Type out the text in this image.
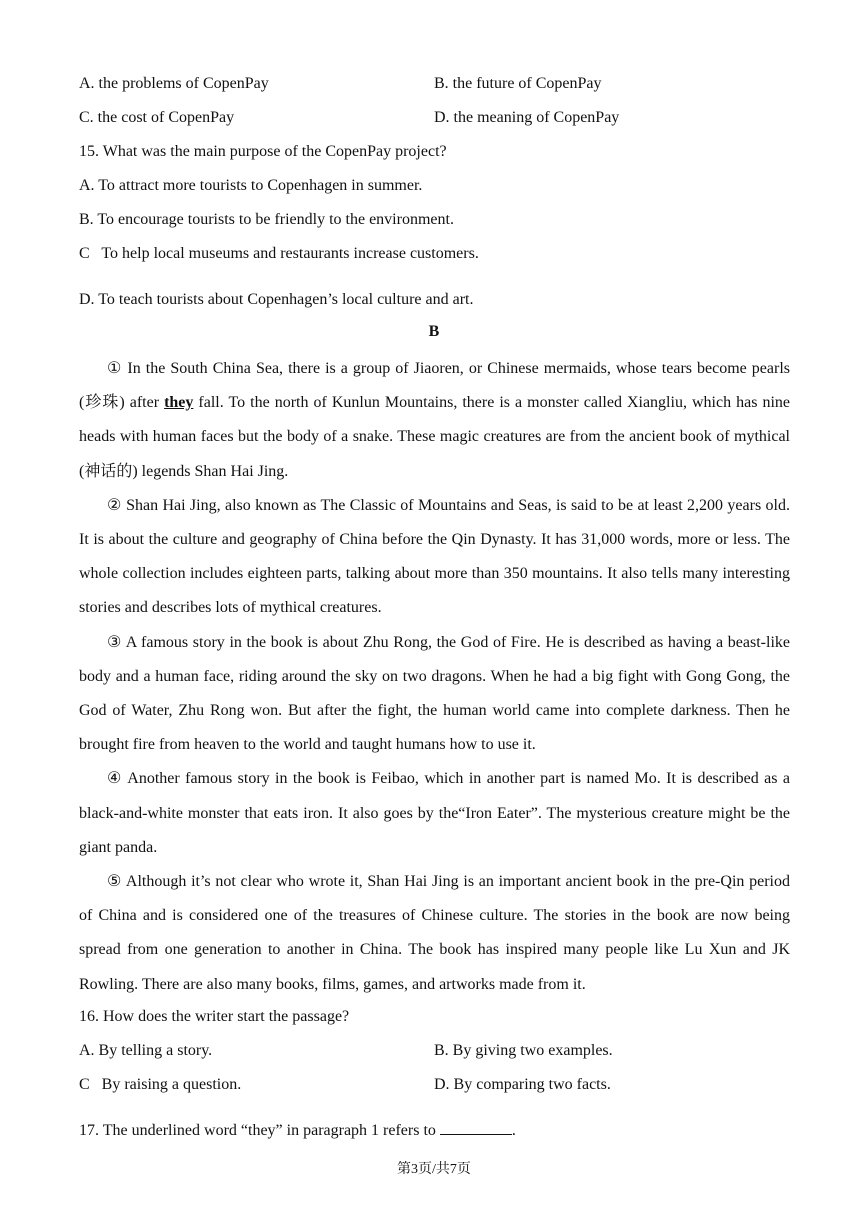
A. the problems of CopenPay	B. the future of CopenPay
C. the cost of CopenPay	D. the meaning of CopenPay
15. What was the main purpose of the CopenPay project?
A. To attract more tourists to Copenhagen in summer.
B. To encourage tourists to be friendly to the environment.
C   To help local museums and restaurants increase customers.
D. To teach tourists about Copenhagen’s local culture and art.
B

① In the South China Sea, there is a group of Jiaoren, or Chinese mermaids, whose tears become pearls (珍珠) after they fall. To the north of Kunlun Mountains, there is a monster called Xiangliu, which has nine heads with human faces but the body of a snake. These magic creatures are from the ancient book of mythical (神话的) legends Shan Hai Jing.

② Shan Hai Jing, also known as The Classic of Mountains and Seas, is said to be at least 2,200 years old. It is about the culture and geography of China before the Qin Dynasty. It has 31,000 words, more or less. The whole collection includes eighteen parts, talking about more than 350 mountains. It also tells many interesting stories and describes lots of mythical creatures.

③ A famous story in the book is about Zhu Rong, the God of Fire. He is described as having a beast-like body and a human face, riding around the sky on two dragons. When he had a big fight with Gong Gong, the God of Water, Zhu Rong won. But after the fight, the human world came into complete darkness. Then he brought fire from heaven to the world and taught humans how to use it.

④ Another famous story in the book is Feibao, which in another part is named Mo. It is described as a black-and-white monster that eats iron. It also goes by the“Iron Eater”. The mysterious creature might be the giant panda.

⑤ Although it’s not clear who wrote it, Shan Hai Jing is an important ancient book in the pre-Qin period of China and is considered one of the treasures of Chinese culture. The stories in the book are now being spread from one generation to another in China. The book has inspired many people like Lu Xun and JK Rowling. There are also many books, films, games, and artworks made from it.

16. How does the writer start the passage?
A. By telling a story.	B. By giving two examples.
C   By raising a question.	D. By comparing two facts.
17. The underlined word “they” in paragraph 1 refers to	.
第3页/共7页
